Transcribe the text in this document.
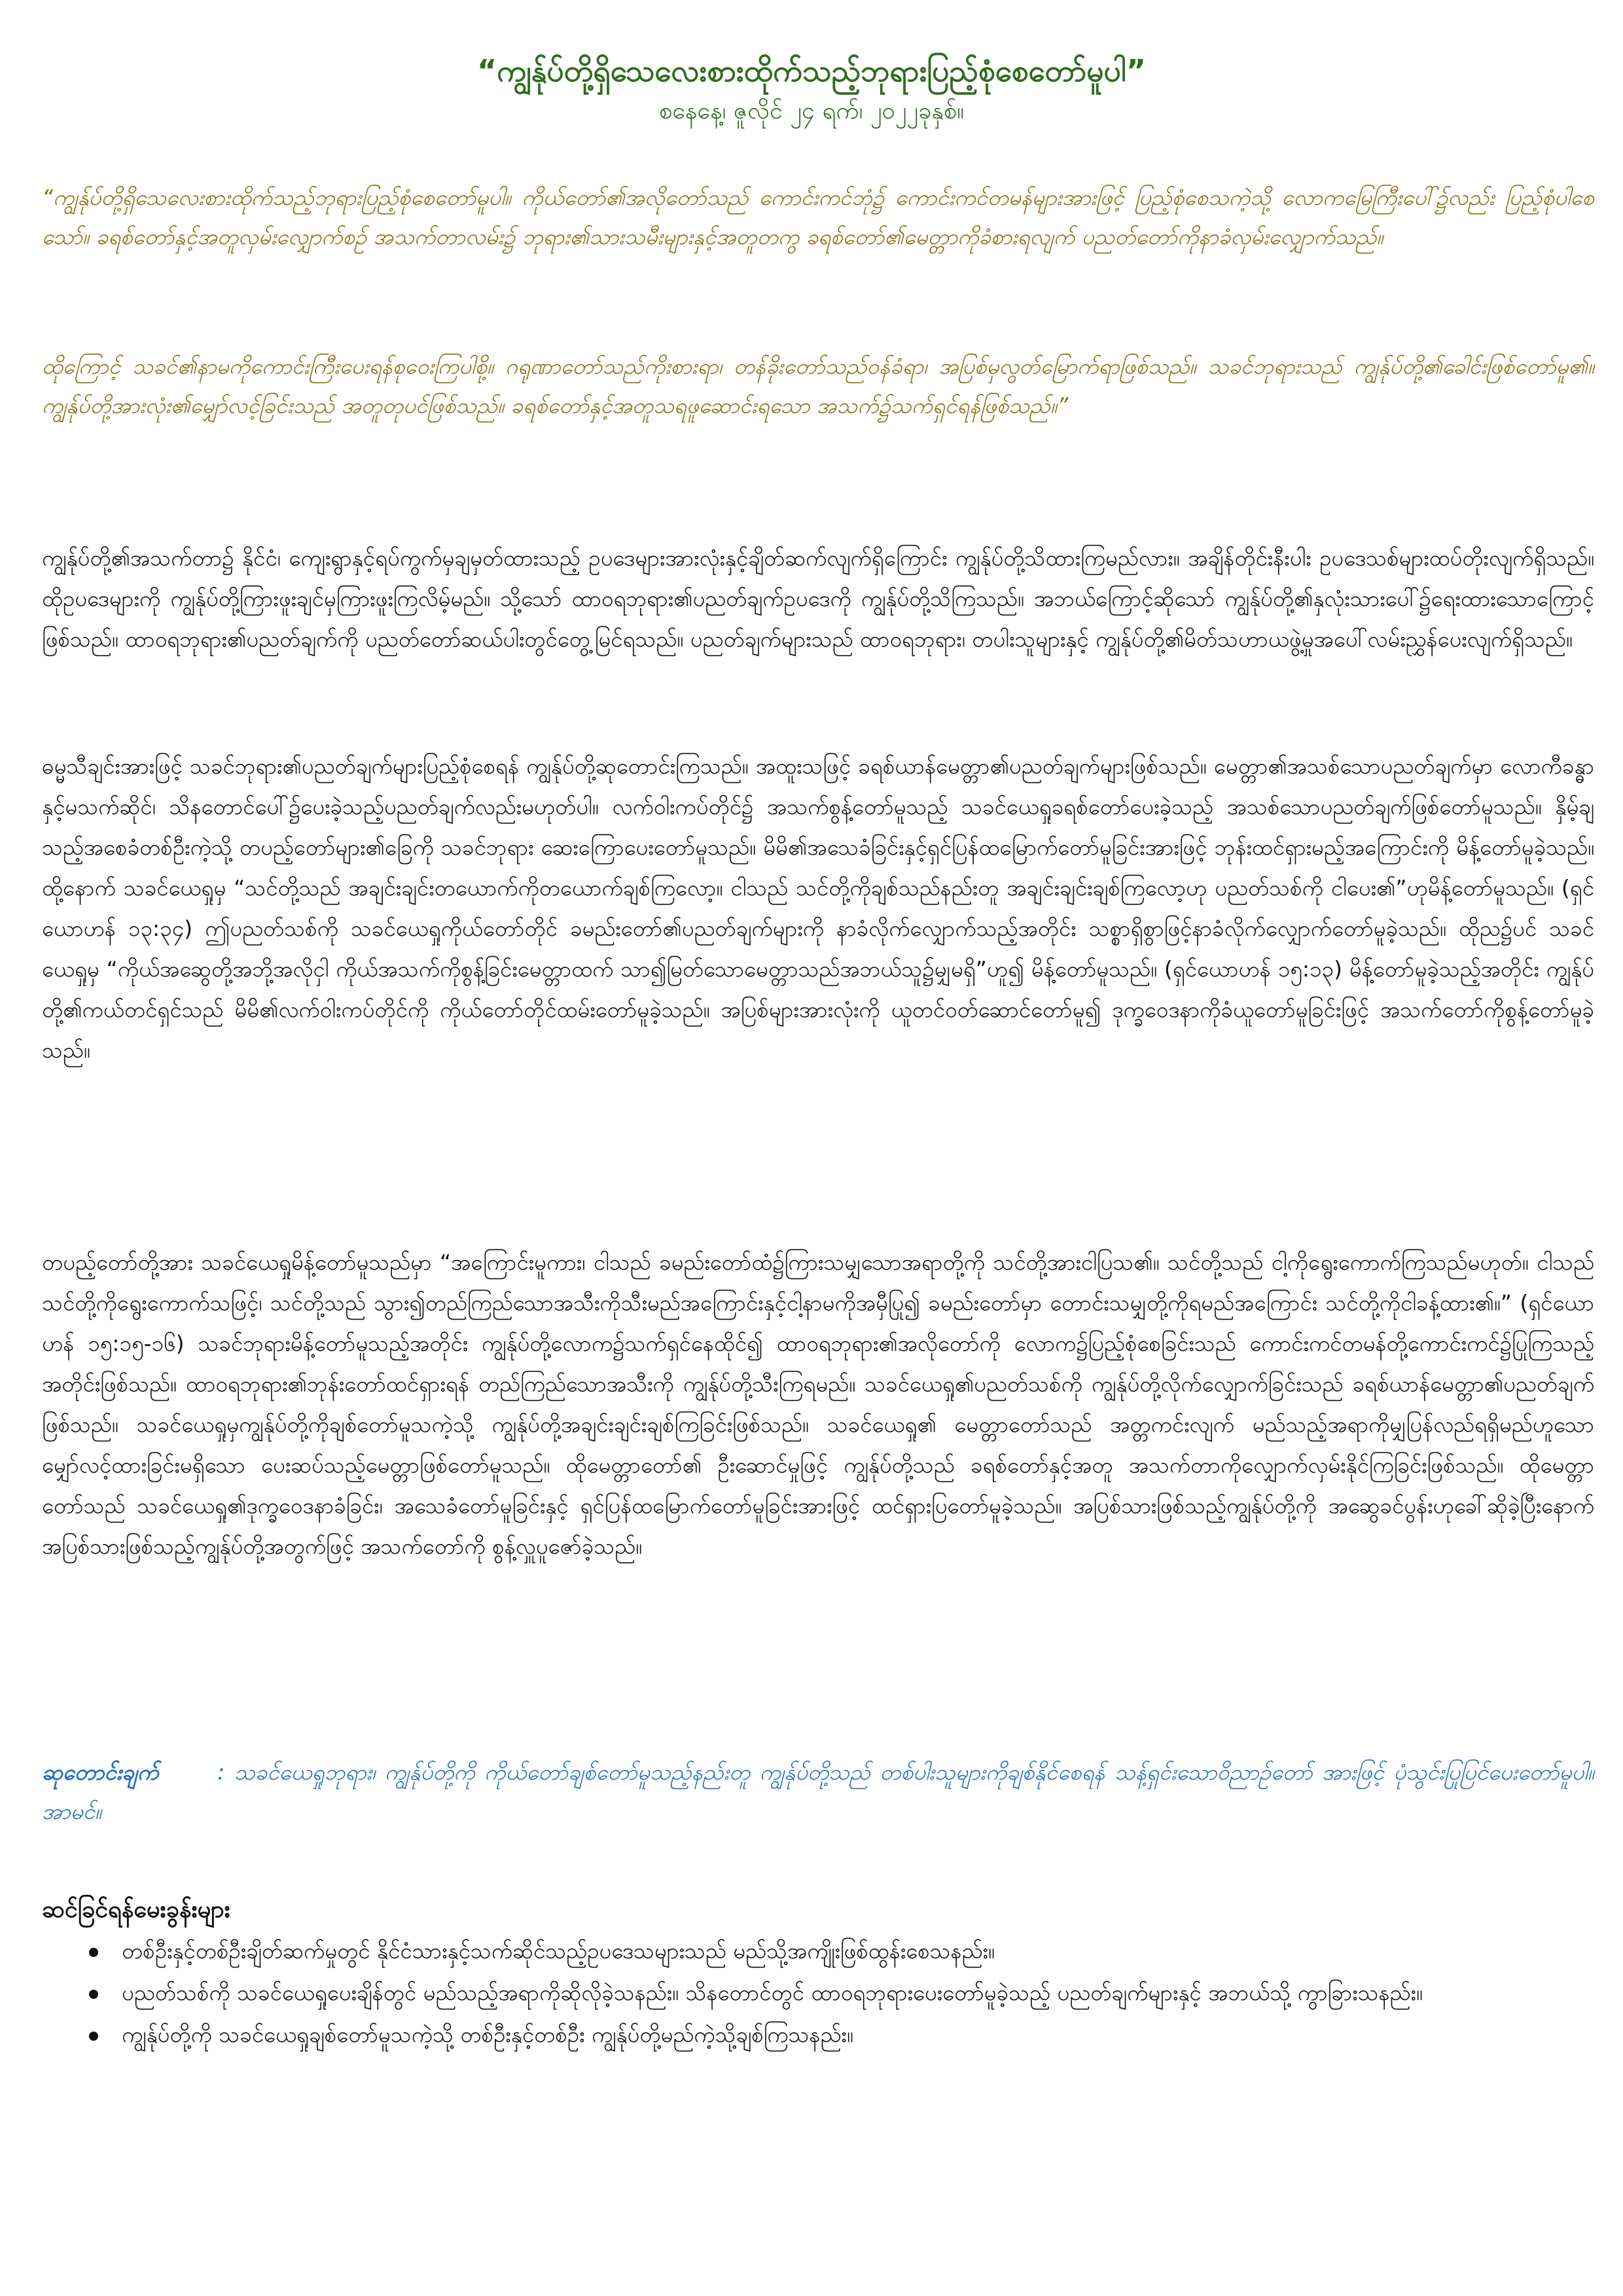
“ကျွန်ုပ်တို့ရှိသေလေးစားထိုက်သည့်ဘုရားပြည့်စုံစေတော်မူပါ”

စနေနေ့၊ ဇူလိုင် ၂၄ ရက်၊ ၂၀၂၂ခုနှစ်။

“ကျွန်ုပ်တို့ရှိသေလေးစားထိုက်သည့်ဘုရားပြည့်စုံစေတော်မူပါ။ ကိုယ်တော်၏အလိုတော်သည် ကောင်းကင်ဘုံ၌ ကောင်းကင်တမန်များအားဖြင့် ပြည့်စုံစေသကဲ့သို့ လောကမြေကြီးပေါ်၌လည်း ပြည့်စုံပါစေသော်။ ခရစ်တော်နှင့်အတူလှမ်းလျှောက်စဉ် အသက်တာလမ်း၌ ဘုရား၏သားသမီးများနှင့်အတူတကွ ခရစ်တော်၏မေတ္တာကိုခံစားရလျက် ပညတ်တော်ကိုနာခံလှမ်းလျှောက်သည်။

ထိုကြောင့် သခင်၏နာမကိုကောင်းကြီးပေးရန်စုဝေးကြပါစို့။ ဂရုဏာတော်သည်ကိုးစားရာ၊ တန်ခိုးတော်သည်ဝန်ခံရာ၊ အပြစ်မှလွတ်မြောက်ရာဖြစ်သည်။ သခင်ဘုရားသည် ကျွန်ုပ်တို့၏ခေါင်းဖြစ်တော်မူ၏။ ကျွန်ုပ်တို့အားလုံး၏မျှော်လင့်ခြင်းသည် အတူတုပင်ဖြစ်သည်။ ခရစ်တော်နှင့်အတူသရဖူဆောင်းရသော အသက်၌သက်ရှင်ရန်ဖြစ်သည်။”

ကျွန်ုပ်တို့၏အသက်တာ၌ နိုင်ငံ၊ ကျေးရွာနှင့်ရပ်ကွက်မှချမှတ်ထားသည့် ဥပဒေများအားလုံးနှင့်ချိတ်ဆက်လျက်ရှိကြောင်း ကျွန်ုပ်တို့သိထားကြမည်လား။ အချိန်တိုင်းနီးပါး ဥပဒေသစ်များထပ်တိုးလျက်ရှိသည်။ ထိုဥပဒေများကို ကျွန်ုပ်တို့ကြားဖူးချင်မှကြားဖူးကြလိမ့်မည်။ သို့သော် ထာဝရဘုရား၏ပညတ်ချက်ဥပဒေကို ကျွန်ုပ်တို့သိကြသည်။ အဘယ်ကြောင့်ဆိုသော် ကျွန်ုပ်တို့၏နှလုံးသားပေါ်၌ရေးထားသောကြောင့်ဖြစ်သည်။ ထာဝရဘုရား၏ပညတ်ချက်ကို ပညတ်တော်ဆယ်ပါးတွင်တွေ့မြင်ရသည်။ ပညတ်ချက်များသည် ထာဝရဘုရား၊ တပါးသူများနှင့် ကျွန်ုပ်တို့၏မိတ်သဟာယဖွဲ့မှုအပေါ်လမ်းညွှန်ပေးလျက်ရှိသည်။

ဓမ္မသီချင်းအားဖြင့် သခင်ဘုရား၏ပညတ်ချက်များပြည့်စုံစေရန် ကျွန်ုပ်တို့ဆုတောင်းကြသည်။ အထူးသဖြင့် ခရစ်ယာန်မေတ္တာ၏ပညတ်ချက်များဖြစ်သည်။ မေတ္တာ၏အသစ်သောပညတ်ချက်မှာ လောကီခန္ဓာနှင့်မသက်ဆိုင်၊ သိနတောင်ပေါ်၌ပေးခဲ့သည့်ပညတ်ချက်လည်းမဟုတ်ပါ။ လက်ဝါးကပ်တိုင်၌ အသက်စွန့်တော်မူသည့် သခင်ယေရှုခရစ်တော်ပေးခဲ့သည့် အသစ်သောပညတ်ချက်ဖြစ်တော်မူသည်။ နှိမ့်ချသည့်အစေခံတစ်ဦးကဲ့သို့ တပည့်တော်များ၏ခြေကို သခင်ဘုရား ဆေးကြောပေးတော်မူသည်။ မိမိ၏အသေခံခြင်းနှင့်ရှင်ပြန်ထမြောက်တော်မူခြင်းအားဖြင့် ဘုန်းထင်ရှားမည့်အကြောင်းကို မိန့်တော်မူခဲ့သည်။ ထို့နောက် သခင်ယေရှုမှ “သင်တို့သည် အချင်းချင်းတယောက်ကိုတယောက်ချစ်ကြလော့။ ငါသည် သင်တို့ကိုချစ်သည်နည်းတူ အချင်းချင်းချစ်ကြလော့ဟု ပညတ်သစ်ကို ငါပေး၏”ဟုမိန့်တော်မူသည်။ (ရှင်ယောဟန် ၁၃:၃၄) ဤပညတ်သစ်ကို သခင်ယေရှုကိုယ်တော်တိုင် ခမည်းတော်၏ပညတ်ချက်များကို နာခံလိုက်လျှောက်သည့်အတိုင်း သစ္စာရှိစွာဖြင့်နာခံလိုက်လျှောက်တော်မူခဲ့သည်။ ထိုည၌ပင် သခင်ယေရှုမှ “ကိုယ်အဆွေတို့အဘို့အလိုငှါ ကိုယ်အသက်ကိုစွန့်ခြင်းမေတ္တာထက် သာ၍မြတ်သောမေတ္တာသည်အဘယ်သူ၌မျှမရှိ”ဟူ၍ မိန့်တော်မူသည်။ (ရှင်ယောဟန် ၁၅:၁၃) မိန့်တော်မူခဲ့သည့်အတိုင်း ကျွန်ုပ်တို့၏ကယ်တင်ရှင်သည် မိမိ၏လက်ဝါးကပ်တိုင်ကို ကိုယ်တော်တိုင်ထမ်းတော်မူခဲ့သည်။ အပြစ်များအားလုံးကို ယူတင်ဝတ်ဆောင်တော်မူ၍ ဒုက္ခဝေဒနာကိုခံယူတော်မူခြင်းဖြင့် အသက်တော်ကိုစွန့်တော်မူခဲ့သည်။

တပည့်တော်တို့အား သခင်ယေရှုမိန့်တော်မူသည်မှာ “အကြောင်းမူကား၊ ငါသည် ခမည်းတော်ထံ၌ကြားသမျှသောအရာတို့ကို သင်တို့အားငါပြသ၏။ သင်တို့သည် ငါ့ကိုရွေးကောက်ကြသည်မဟုတ်။ ငါသည် သင်တို့ကိုရွေးကောက်သဖြင့်၊ သင်တို့သည် သွား၍တည်ကြည်သောအသီးကိုသီးမည်အကြောင်းနှင့်ငါ့နာမကိုအမှီပြု၍ ခမည်းတော်မှာ တောင်းသမျှတို့ကိုရမည်အကြောင်း သင်တို့ကိုငါခန့်ထား၏။” (ရှင်ယောဟန် ၁၅:၁၅-၁၆) သခင်ဘုရားမိန့်တော်မူသည့်အတိုင်း ကျွန်ုပ်တို့လောက၌သက်ရှင်နေထိုင်၍ ထာဝရဘုရား၏အလိုတော်ကို လောက၌ပြည့်စုံစေခြင်းသည် ကောင်းကင်တမန်တို့ကောင်းကင်၌ပြုကြသည့်အတိုင်းဖြစ်သည်။ ထာဝရဘုရား၏ဘုန်းတော်ထင်ရှားရန် တည်ကြည်သောအသီးကို ကျွန်ုပ်တို့သီးကြရမည်။ သခင်ယေရှု၏ပညတ်သစ်ကို ကျွန်ုပ်တို့လိုက်လျှောက်ခြင်းသည် ခရစ်ယာန်မေတ္တာ၏ပညတ်ချက်ဖြစ်သည်။ သခင်ယေရှုမှကျွန်ုပ်တို့ကိုချစ်တော်မူသကဲ့သို့ ကျွန်ုပ်တို့အချင်းချင်းချစ်ကြခြင်းဖြစ်သည်။ သခင်ယေရှု၏ မေတ္တာတော်သည် အတ္တကင်းလျက် မည်သည့်အရာကိုမျှပြန်လည်ရရှိမည်ဟူသော မျှော်လင့်ထားခြင်းမရှိသော ပေးဆပ်သည့်မေတ္တာဖြစ်တော်မူသည်။ ထိုမေတ္တာတော်၏ ဦးဆောင်မှုဖြင့် ကျွန်ုပ်တို့သည် ခရစ်တော်နှင့်အတူ အသက်တာကိုလျှောက်လှမ်းနိုင်ကြခြင်းဖြစ်သည်။ ထိုမေတ္တာတော်သည် သခင်ယေရှု၏ဒုက္ခဝေဒနာခံခြင်း၊ အသေခံတော်မူခြင်းနှင့် ရှင်ပြန်ထမြောက်တော်မူခြင်းအားဖြင့် ထင်ရှားပြတော်မူခဲ့သည်။ အပြစ်သားဖြစ်သည့်ကျွန်ုပ်တို့ကို အဆွေခင်ပွန်းဟုခေါ်ဆိုခဲ့ပြီးနောက် အပြစ်သားဖြစ်သည့်ကျွန်ုပ်တို့အတွက်ဖြင့် အသက်တော်ကို စွန့်လှူပူဇော်ခဲ့သည်။

ဆုတောင်းချက်	: သခင်ယေရှုဘုရား၊ ကျွန်ုပ်တို့ကို ကိုယ်တော်ချစ်တော်မူသည့်နည်းတူ ကျွန်ုပ်တို့သည် တစ်ပါးသူများကိုချစ်နိုင်စေရန် သန့်ရှင်းသောဝိညာဉ်တော် အားဖြင့် ပုံသွင်းပြုပြင်ပေးတော်မူပါ။ အာမင်။

ဆင်ခြင်ရန်မေးခွန်းများ

တစ်ဦးနှင့်တစ်ဦးချိတ်ဆက်မှုတွင် နိုင်ငံသားနှင့်သက်ဆိုင်သည့်ဥပဒေသများသည် မည်သို့အကျိုးဖြစ်ထွန်းစေသနည်း။
ပညတ်သစ်ကို သခင်ယေရှုပေးချိန်တွင် မည်သည့်အရာကိုဆိုလိုခဲ့သနည်း။ သိနတောင်တွင် ထာဝရဘုရားပေးတော်မူခဲ့သည့် ပညတ်ချက်များနှင့် အဘယ်သို့ ကွာခြားသနည်း။
ကျွန်ုပ်တို့ကို သခင်ယေရှုချစ်တော်မူသကဲ့သို့ တစ်ဦးနှင့်တစ်ဦး ကျွန်ုပ်တို့မည်ကဲ့သို့ချစ်ကြသနည်း။
